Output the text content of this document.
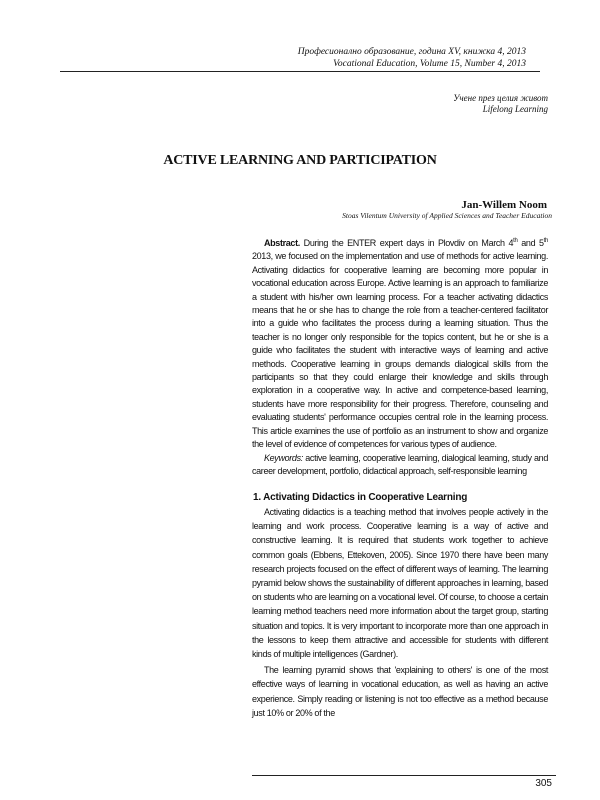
Професионално образование, година XV, книжка 4, 2013
Vocational Education, Volume 15, Number 4, 2013
Учене през целия живот
Lifelong Learning
ACTIVE LEARNING AND PARTICIPATION
Jan-Willem Noom
Stoas Vilentum University of Applied Sciences and Teacher Education

Abstract. During the ENTER expert days in Plovdiv on March 4th and 5th 2013, we focused on the implementation and use of methods for active learning. Activating didactics for cooperative learning are becoming more popular in vocational education across Europe. Active learning is an approach to familiarize a student with his/her own learning process. For a teacher activating didactics means that he or she has to change the role from a teacher-centered facilitator into a guide who facilitates the process during a learning situation. Thus the teacher is no longer only responsible for the topics content, but he or she is a guide who facilitates the student with interactive ways of learning and active methods. Cooperative learning in groups demands dialogical skills from the participants so that they could enlarge their knowledge and skills through exploration in a cooperative way. In active and competence-based learning, students have more responsibility for their progress. Therefore, counseling and evaluating students' performance occupies central role in the learning process. This article examines the use of portfolio as an instrument to show and organize the level of evidence of competences for various types of audience.

Keywords: active learning, cooperative learning, dialogical learning, study and career development, portfolio, didactical approach, self-responsible learning

1. Activating Didactics in Cooperative Learning

Activating didactics is a teaching method that involves people actively in the learning and work process. Cooperative learning is a way of active and constructive learning. It is required that students work together to achieve common goals (Ebbens, Ettekoven, 2005). Since 1970 there have been many research projects focused on the effect of different ways of learning. The learning pyramid below shows the sustainability of different approaches in learning, based on students who are learning on a vocational level. Of course, to choose a certain learning method teachers need more information about the target group, starting situation and topics. It is very important to incorporate more than one approach in the lessons to keep them attractive and accessible for students with different kinds of multiple intelligences (Gardner).

The learning pyramid shows that 'explaining to others' is one of the most effective ways of learning in vocational education, as well as having an active experience. Simply reading or listening is not too effective as a method because just 10% or 20% of the

305
